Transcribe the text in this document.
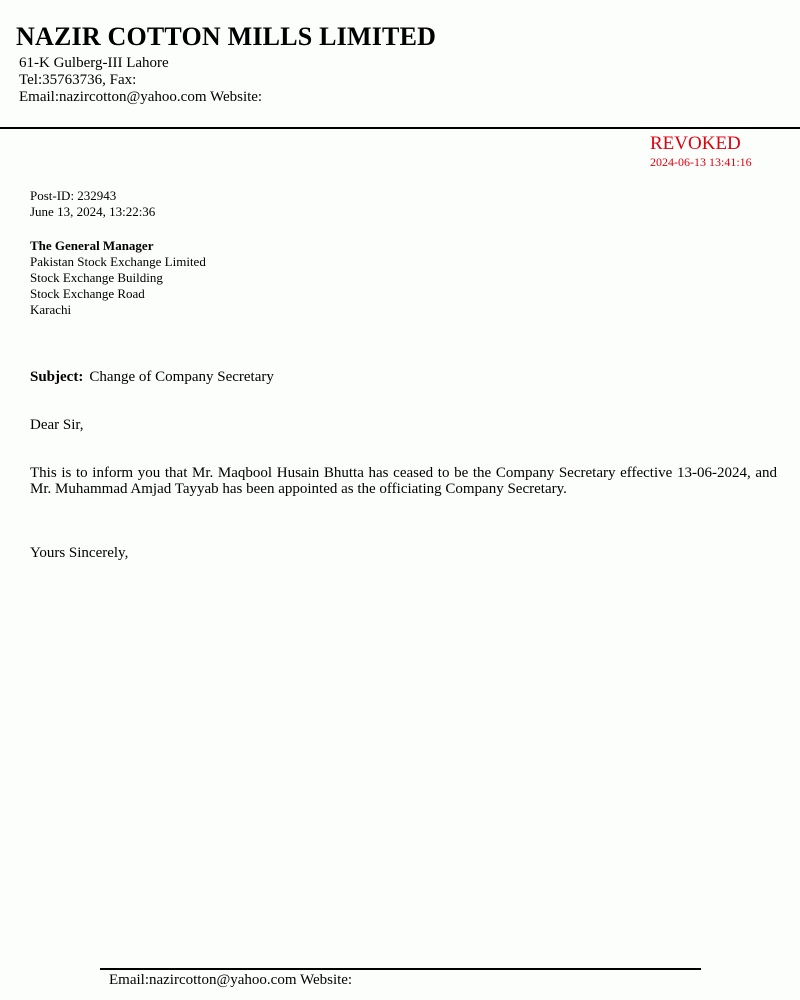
NAZIR COTTON MILLS LIMITED
61-K Gulberg-III Lahore
Tel:35763736, Fax:
Email:nazircotton@yahoo.com Website:
REVOKED
2024-06-13 13:41:16
Post-ID: 232943
June 13, 2024, 13:22:36
The General Manager
Pakistan Stock Exchange Limited
Stock Exchange Building
Stock Exchange Road
Karachi
Subject: Change of Company Secretary
Dear Sir,
This is to inform you that Mr. Maqbool Husain Bhutta has ceased to be the Company Secretary effective 13-06-2024, and Mr. Muhammad Amjad Tayyab has been appointed as the officiating Company Secretary.
Yours Sincerely,
Email:nazircotton@yahoo.com Website:
